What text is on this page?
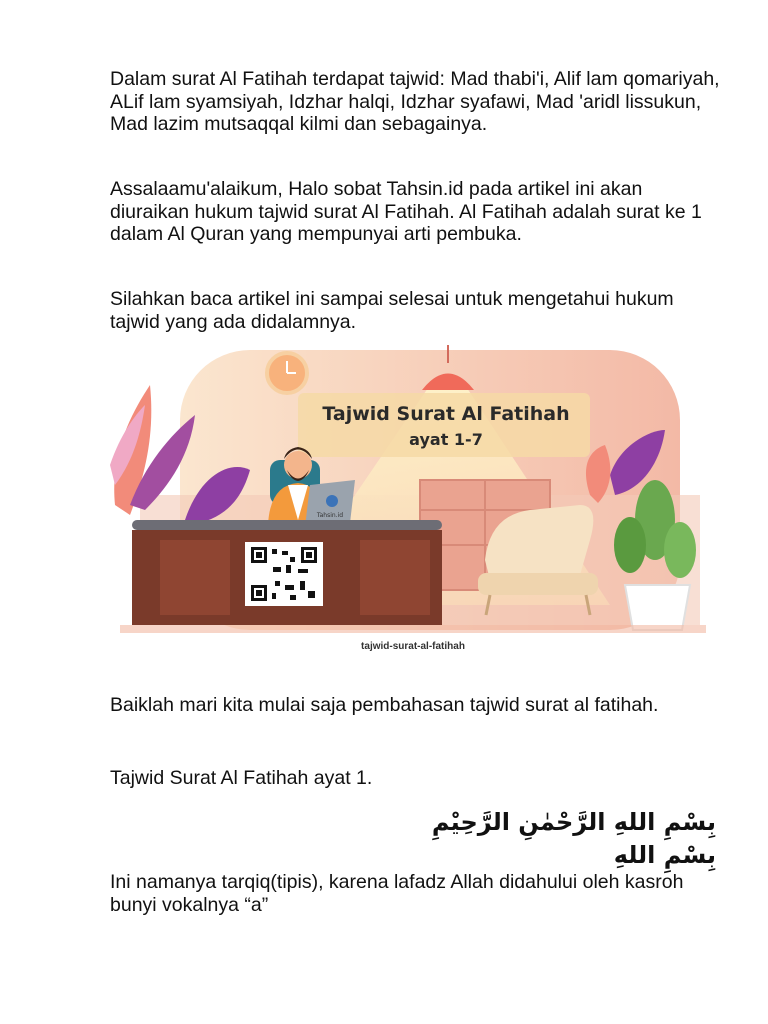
Dalam surat Al Fatihah terdapat tajwid: Mad thabi'i, Alif lam qomariyah, ALif lam syamsiyah, Idzhar halqi, Idzhar syafawi, Mad 'aridl lissukun, Mad lazim mutsaqqal kilmi dan sebagainya.

Assalaamu'alaikum, Halo sobat Tahsin.id pada artikel ini akan diuraikan hukum tajwid surat Al Fatihah. Al Fatihah adalah surat ke 1 dalam Al Quran yang mempunyai arti pembuka.

Silahkan baca artikel ini sampai selesai untuk mengetahui hukum tajwid yang ada didalamnya.

Tajwid Surat Al Fatihah
ayat 1-7
Tahsin.id
tajwid-surat-al-fatihah

Baiklah mari kita mulai saja pembahasan tajwid surat al fatihah.

Tajwid Surat Al Fatihah ayat 1.

بِسْمِ اللهِ الرَّحْمٰنِ الرَّحِيْمِ

بِسْمِ اللهِ

Ini namanya tarqiq(tipis), karena lafadz Allah didahului oleh kasroh bunyi vokalnya “a”
